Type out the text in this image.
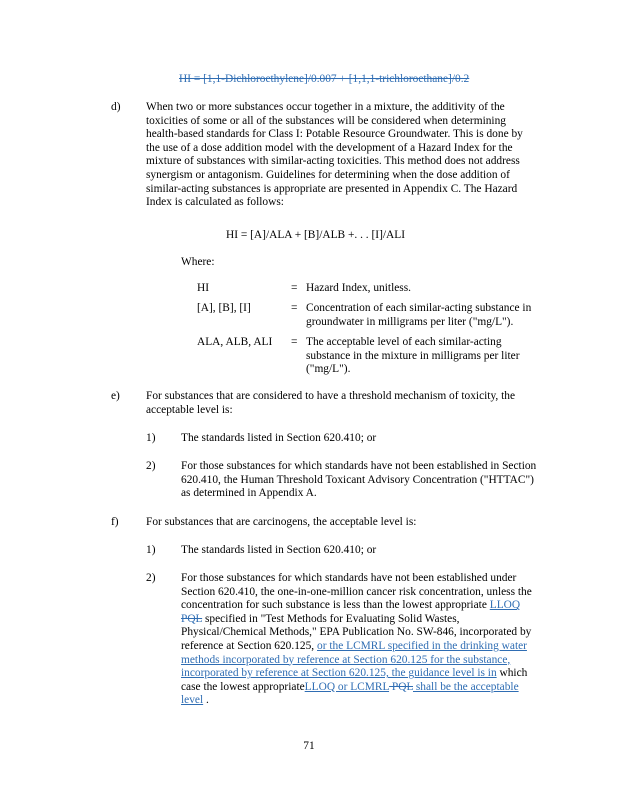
HI = [1,1-Dichloroethylene]/0.007 + [1,1,1-trichloroethane]/0.2
d) When two or more substances occur together in a mixture, the additivity of the toxicities of some or all of the substances will be considered when determining health-based standards for Class I: Potable Resource Groundwater. This is done by the use of a dose addition model with the development of a Hazard Index for the mixture of substances with similar-acting toxicities. This method does not address synergism or antagonism. Guidelines for determining when the dose addition of similar-acting substances is appropriate are presented in Appendix C. The Hazard Index is calculated as follows:
HI = [A]/ALA + [B]/ALB +. . . [I]/ALI
Where:
HI	= Hazard Index, unitless.
[A], [B], [I]	= Concentration of each similar-acting substance in groundwater in milligrams per liter ("mg/L").
ALA, ALB, ALI = The acceptable level of each similar-acting substance in the mixture in milligrams per liter ("mg/L").
e) For substances that are considered to have a threshold mechanism of toxicity, the acceptable level is:
1) The standards listed in Section 620.410; or
2) For those substances for which standards have not been established in Section 620.410, the Human Threshold Toxicant Advisory Concentration ("HTTAC") as determined in Appendix A.
f) For substances that are carcinogens, the acceptable level is:
1) The standards listed in Section 620.410; or
2) For those substances for which standards have not been established under Section 620.410, the one-in-one-million cancer risk concentration, unless the concentration for such substance is less than the lowest appropriate LLOQ PQL specified in "Test Methods for Evaluating Solid Wastes, Physical/Chemical Methods," EPA Publication No. SW-846, incorporated by reference at Section 620.125, or the LCMRL specified in the drinking water methods incorporated by reference at Section 620.125 for the substance, incorporated by reference at Section 620.125, the guidance level is in which case the lowest appropriateLLOQ or LCMRL PQL shall be the acceptable level .
71
